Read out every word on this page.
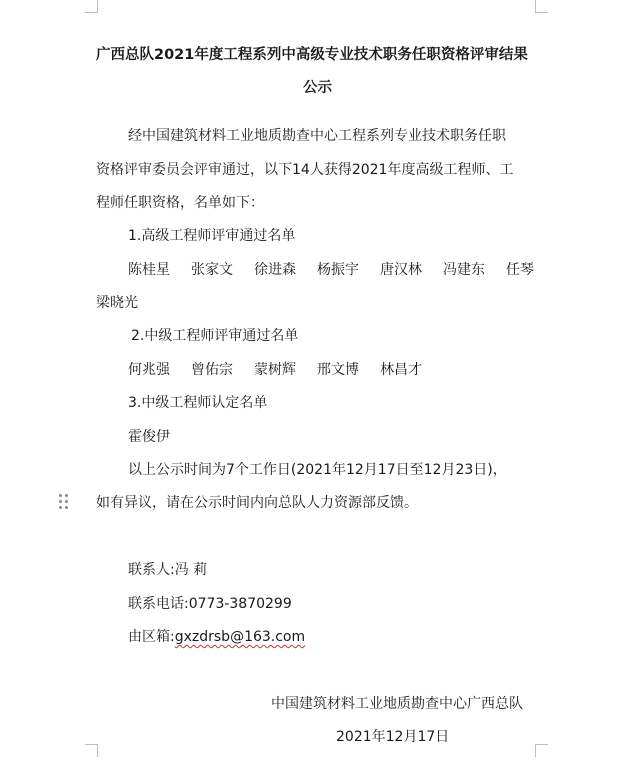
广西总队2021年度工程系列中高级专业技术职务任职资格评审结果
公示
经中国建筑材料工业地质勘查中心工程系列专业技术职务任职
资格评审委员会评审通过，以下14人获得2021年度高级工程师、工
程师任职资格，名单如下：
1.高级工程师评审通过名单
陈桂星 张家文 徐进森 杨振宇 唐汉林 冯建东 任琴
梁晓光
2.中级工程师评审通过名单
何兆强 曾佑宗 蒙树辉 邢文博 林昌才
3.中级工程师认定名单
霍俊伊
以上公示时间为7个工作日(2021年12月17日至12月23日)，
如有异议，请在公示时间内向总队人力资源部反馈。
联系人:冯 莉
联系电话:0773-3870299
由区箱:gxzdrsb@163.com
中国建筑材料工业地质勘查中心广西总队
2021年12月17日
